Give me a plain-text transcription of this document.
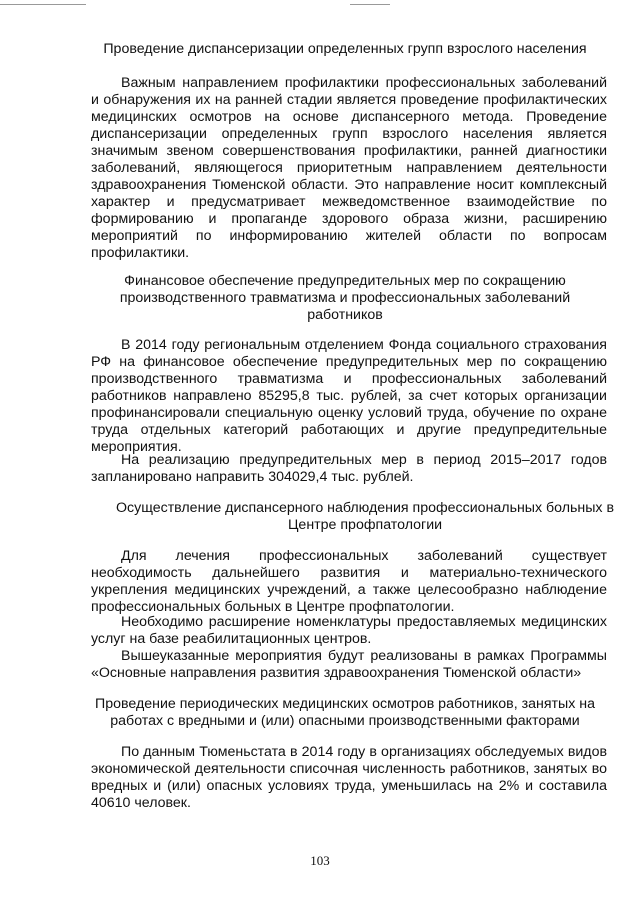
Проведение диспансеризации определенных групп взрослого населения
Важным направлением профилактики профессиональных заболеваний и обнаружения их на ранней стадии является проведение профилактических медицинских осмотров на основе диспансерного метода. Проведение диспансеризации определенных групп взрослого населения является значимым звеном совершенствования профилактики, ранней диагностики заболеваний, являющегося приоритетным направлением деятельности здравоохранения Тюменской области. Это направление носит комплексный характер и предусматривает межведомственное взаимодействие по формированию и пропаганде здорового образа жизни, расширению мероприятий по информированию жителей области по вопросам профилактики.
Финансовое обеспечение предупредительных мер по сокращению производственного травматизма и профессиональных заболеваний работников
В 2014 году региональным отделением Фонда социального страхования РФ на финансовое обеспечение предупредительных мер по сокращению производственного травматизма и профессиональных заболеваний работников направлено 85295,8 тыс. рублей, за счет которых организации профинансировали специальную оценку условий труда, обучение по охране труда отдельных категорий работающих и другие предупредительные мероприятия.
На реализацию предупредительных мер в период 2015–2017 годов запланировано направить 304029,4 тыс. рублей.
Осуществление диспансерного наблюдения профессиональных больных в Центре профпатологии
Для лечения профессиональных заболеваний существует необходимость дальнейшего развития и материально-технического укрепления медицинских учреждений, а также целесообразно наблюдение профессиональных больных в Центре профпатологии.
Необходимо расширение номенклатуры предоставляемых медицинских услуг на базе реабилитационных центров.
Вышеуказанные мероприятия будут реализованы в рамках Программы «Основные направления развития здравоохранения Тюменской области»
Проведение периодических медицинских осмотров работников, занятых на работах с вредными и (или) опасными производственными факторами
По данным Тюменьстата в 2014 году в организациях обследуемых видов экономической деятельности списочная численность работников, занятых во вредных и (или) опасных условиях труда, уменьшилась на 2% и составила 40610 человек.
103
